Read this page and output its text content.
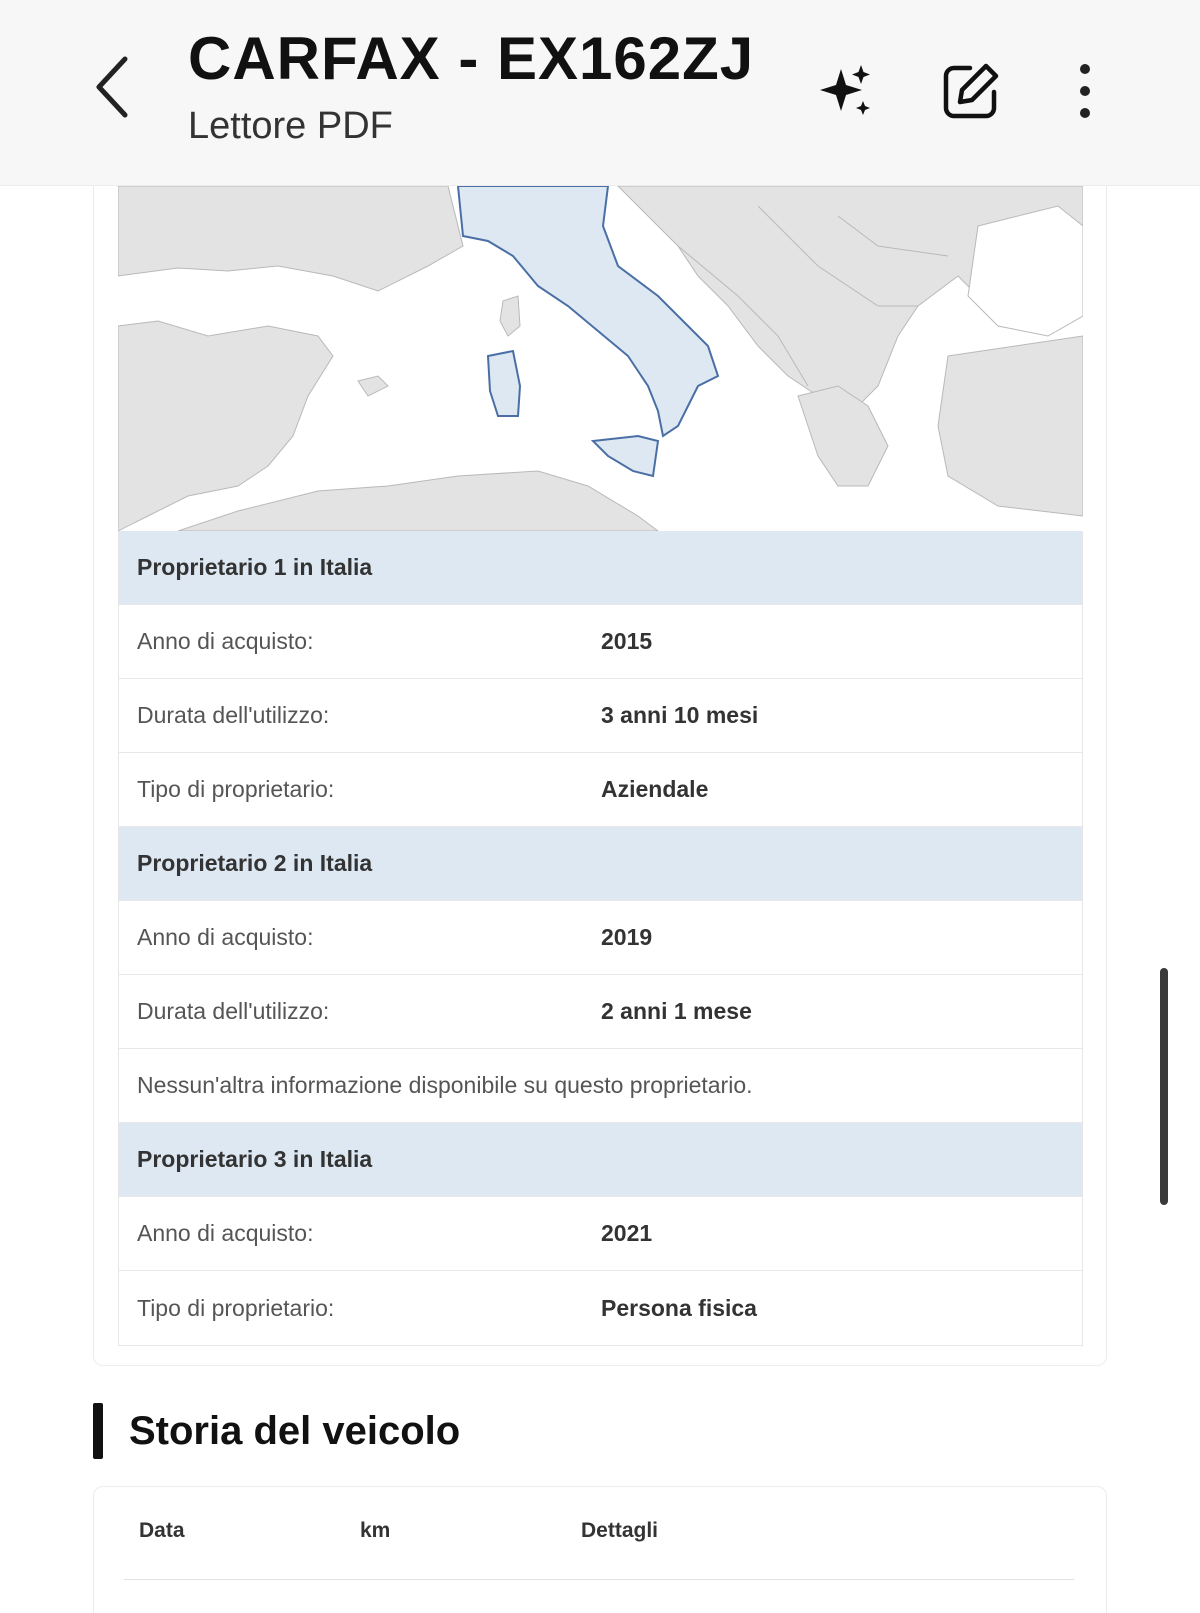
CARFAX - EX162ZJ
Lettore PDF
Proprietario 1 in Italia
Anno di acquisto:	2015
Durata dell'utilizzo:	3 anni 10 mesi
Tipo di proprietario:	Aziendale
Proprietario 2 in Italia
Anno di acquisto:	2019
Durata dell'utilizzo:	2 anni 1 mese
Nessun'altra informazione disponibile su questo proprietario.
Proprietario 3 in Italia
Anno di acquisto:	2021
Tipo di proprietario:	Persona fisica
Storia del veicolo
Data	km	Dettagli
